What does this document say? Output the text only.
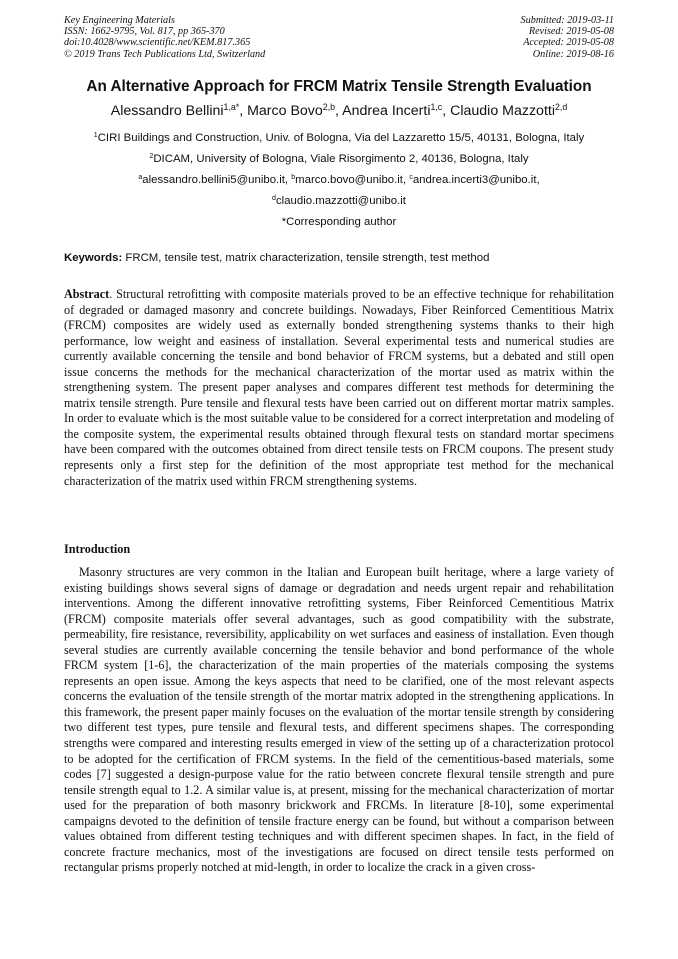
Key Engineering Materials
ISSN: 1662-9795, Vol. 817, pp 365-370
doi:10.4028/www.scientific.net/KEM.817.365
© 2019 Trans Tech Publications Ltd, Switzerland
Submitted: 2019-03-11
Revised: 2019-05-08
Accepted: 2019-05-08
Online: 2019-08-16
An Alternative Approach for FRCM Matrix Tensile Strength Evaluation
Alessandro Bellini$^{1,a*}$, Marco Bovo$^{2,b}$, Andrea Incerti$^{1,c}$, Claudio Mazzotti$^{2,d}$
$^1$CIRI Buildings and Construction, Univ. of Bologna, Via del Lazzaretto 15/5, 40131, Bologna, Italy
$^2$DICAM, University of Bologna, Viale Risorgimento 2, 40136, Bologna, Italy
$^a$alessandro.bellini5@unibo.it, $^b$marco.bovo@unibo.it, $^c$andrea.incerti3@unibo.it,
$^d$claudio.mazzotti@unibo.it
*Corresponding author
Keywords: FRCM, tensile test, matrix characterization, tensile strength, test method
Abstract. Structural retrofitting with composite materials proved to be an effective technique for rehabilitation of degraded or damaged masonry and concrete buildings. Nowadays, Fiber Reinforced Cementitious Matrix (FRCM) composites are widely used as externally bonded strengthening systems thanks to their high performance, low weight and easiness of installation. Several experimental tests and numerical studies are currently available concerning the tensile and bond behavior of FRCM systems, but a debated and still open issue concerns the methods for the mechanical characterization of the mortar used as matrix within the strengthening system. The present paper analyses and compares different test methods for determining the matrix tensile strength. Pure tensile and flexural tests have been carried out on different mortar matrix samples. In order to evaluate which is the most suitable value to be considered for a correct interpretation and modeling of the composite system, the experimental results obtained through flexural tests on standard mortar specimens have been compared with the outcomes obtained from direct tensile tests on FRCM coupons. The present study represents only a first step for the definition of the most appropriate test method for the mechanical characterization of the matrix used within FRCM strengthening systems.
Introduction
Masonry structures are very common in the Italian and European built heritage, where a large variety of existing buildings shows several signs of damage or degradation and needs urgent repair and rehabilitation interventions. Among the different innovative retrofitting systems, Fiber Reinforced Cementitious Matrix (FRCM) composite materials offer several advantages, such as good compatibility with the substrate, permeability, fire resistance, reversibility, applicability on wet surfaces and easiness of installation. Even though several studies are currently available concerning the tensile behavior and bond performance of the whole FRCM system [1-6], the characterization of the main properties of the materials composing the systems represents an open issue. Among the keys aspects that need to be clarified, one of the most relevant aspects concerns the evaluation of the tensile strength of the mortar matrix adopted in the strengthening applications. In this framework, the present paper mainly focuses on the evaluation of the mortar tensile strength by considering two different test types, pure tensile and flexural tests, and different specimens shapes. The corresponding strengths were compared and interesting results emerged in view of the setting up of a characterization protocol to be adopted for the certification of FRCM systems. In the field of the cementitious-based materials, some codes [7] suggested a design-purpose value for the ratio between concrete flexural tensile strength and pure tensile strength equal to 1.2. A similar value is, at present, missing for the mechanical characterization of mortar used for the preparation of both masonry brickwork and FRCMs. In literature [8-10], some experimental campaigns devoted to the definition of tensile fracture energy can be found, but without a comparison between values obtained from different testing techniques and with different specimen shapes. In fact, in the field of concrete fracture mechanics, most of the investigations are focused on direct tensile tests performed on rectangular prisms properly notched at mid-length, in order to localize the crack in a given cross-
